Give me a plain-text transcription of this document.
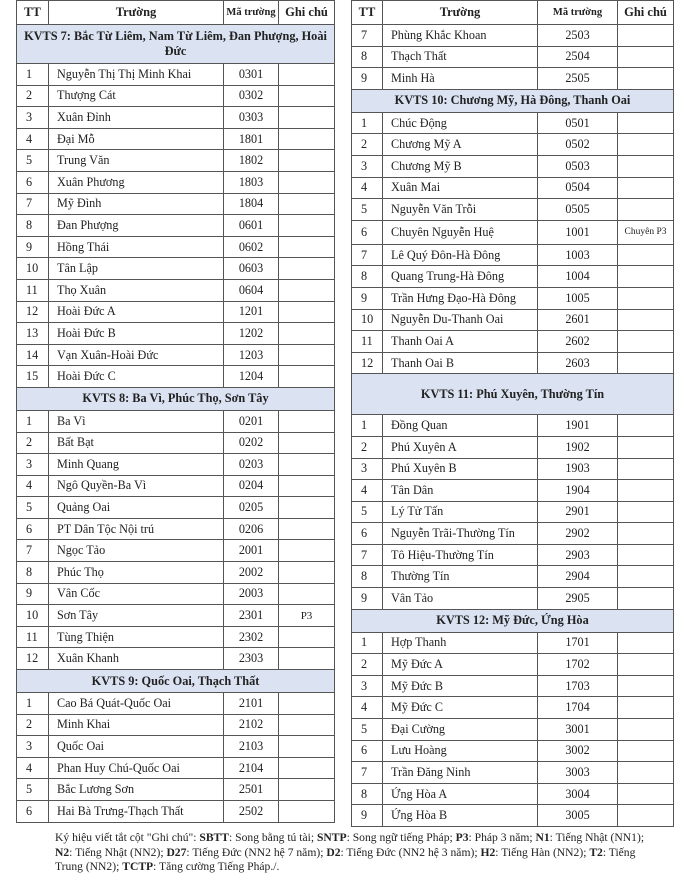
TT	Trường	Mã trường	Ghi chú
KVTS 7: Bắc Từ Liêm, Nam Từ Liêm, Đan Phượng, Hoài Đức			
1	Nguyễn Thị Thị Minh Khai	0301	
2	Thượng Cát	0302	
3	Xuân Đỉnh	0303	
4	Đại Mỗ	1801	
5	Trung Văn	1802	
6	Xuân Phương	1803	
7	Mỹ Đình	1804	
8	Đan Phượng	0601	
9	Hồng Thái	0602	
10	Tân Lập	0603	
11	Thọ Xuân	0604	
12	Hoài Đức A	1201	
13	Hoài Đức B	1202	
14	Vạn Xuân-Hoài Đức	1203	
15	Hoài Đức C	1204	
KVTS 8: Ba Vì, Phúc Thọ, Sơn Tây			
1	Ba Vì	0201	
2	Bất Bạt	0202	
3	Minh Quang	0203	
4	Ngô Quyền-Ba Vì	0204	
5	Quảng Oai	0205	
6	PT Dân Tộc Nội trú	0206	
7	Ngọc Tảo	2001	
8	Phúc Thọ	2002	
9	Vân Cốc	2003	
10	Sơn Tây	2301	P3
11	Tùng Thiện	2302	
12	Xuân Khanh	2303	
KVTS 9: Quốc Oai, Thạch Thất			
1	Cao Bá Quát-Quốc Oai	2101	
2	Minh Khai	2102	
3	Quốc Oai	2103	
4	Phan Huy Chú-Quốc Oai	2104	
5	Bắc Lương Sơn	2501	
6	Hai Bà Trưng-Thạch Thất	2502	
TT	Trường	Mã trường	Ghi chú
7	Phùng Khắc Khoan	2503	
8	Thạch Thất	2504	
9	Minh Hà	2505	
KVTS 10: Chương Mỹ, Hà Đông, Thanh Oai			
1	Chúc Động	0501	
2	Chương Mỹ A	0502	
3	Chương Mỹ B	0503	
4	Xuân Mai	0504	
5	Nguyễn Văn Trỗi	0505	
6	Chuyên Nguyễn Huệ	1001	Chuyên P3
7	Lê Quý Đôn-Hà Đông	1003	
8	Quang Trung-Hà Đông	1004	
9	Trần Hưng Đạo-Hà Đông	1005	
10	Nguyễn Du-Thanh Oai	2601	
11	Thanh Oai A	2602	
12	Thanh Oai B	2603	
KVTS 11: Phú Xuyên, Thường Tín			
1	Đồng Quan	1901	
2	Phú Xuyên A	1902	
3	Phú Xuyên B	1903	
4	Tân Dân	1904	
5	Lý Tử Tấn	2901	
6	Nguyễn Trãi-Thường Tín	2902	
7	Tô Hiệu-Thường Tín	2903	
8	Thường Tín	2904	
9	Vân Tảo	2905	
KVTS 12: Mỹ Đức, Ứng Hòa			
1	Hợp Thanh	1701	
2	Mỹ Đức A	1702	
3	Mỹ Đức B	1703	
4	Mỹ Đức C	1704	
5	Đại Cường	3001	
6	Lưu Hoàng	3002	
7	Trần Đăng Ninh	3003	
8	Ứng Hòa A	3004	
9	Ứng Hòa B	3005	
Ký hiệu viết tắt cột "Ghi chú": SBTT: Song bằng tú tài; SNTP: Song ngữ tiếng Pháp; P3: Pháp 3 năm; N1: Tiếng Nhật (NN1); N2: Tiếng Nhật (NN2); D27: Tiếng Đức (NN2 hệ 7 năm); D2: Tiếng Đức (NN2 hệ 3 năm); H2: Tiếng Hàn (NN2); T2: Tiếng Trung (NN2); TCTP: Tăng cường Tiếng Pháp./.
